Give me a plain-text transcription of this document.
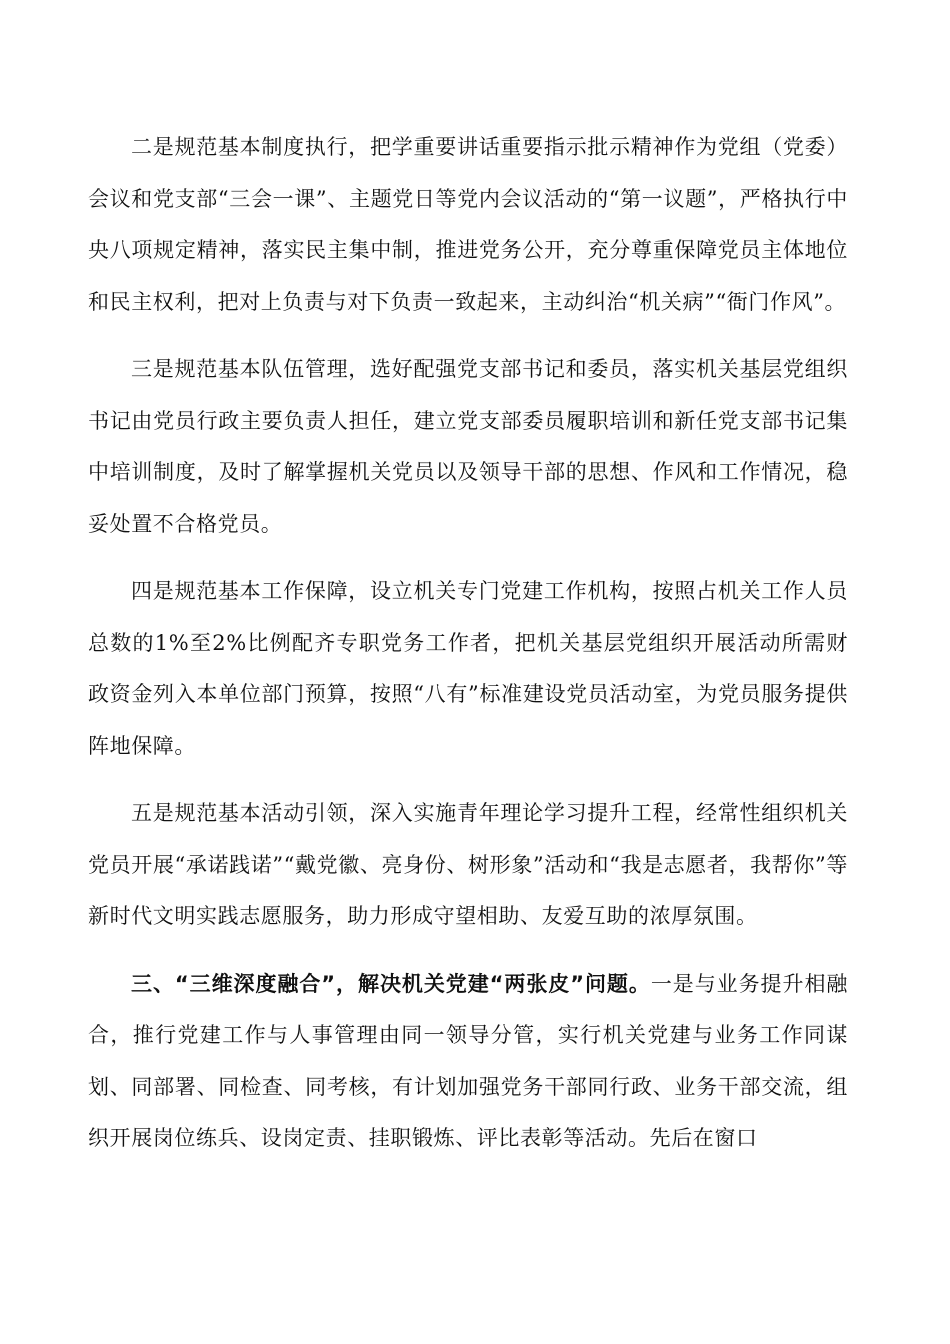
二是规范基本制度执行，把学重要讲话重要指示批示精神作为党组（党委）会议和党支部“三会一课”、主题党日等党内会议活动的“第一议题”，严格执行中央八项规定精神，落实民主集中制，推进党务公开，充分尊重保障党员主体地位和民主权利，把对上负责与对下负责一致起来，主动纠治“机关病”“衙门作风”。

三是规范基本队伍管理，选好配强党支部书记和委员，落实机关基层党组织书记由党员行政主要负责人担任，建立党支部委员履职培训和新任党支部书记集中培训制度，及时了解掌握机关党员以及领导干部的思想、作风和工作情况，稳妥处置不合格党员。

四是规范基本工作保障，设立机关专门党建工作机构，按照占机关工作人员总数的1%至2%比例配齐专职党务工作者，把机关基层党组织开展活动所需财政资金列入本单位部门预算，按照“八有”标准建设党员活动室，为党员服务提供阵地保障。

五是规范基本活动引领，深入实施青年理论学习提升工程，经常性组织机关党员开展“承诺践诺”“戴党徽、亮身份、树形象”活动和“我是志愿者，我帮你”等新时代文明实践志愿服务，助力形成守望相助、友爱互助的浓厚氛围。

三、“三维深度融合”，解决机关党建“两张皮”问题。一是与业务提升相融合，推行党建工作与人事管理由同一领导分管，实行机关党建与业务工作同谋划、同部署、同检查、同考核，有计划加强党务干部同行政、业务干部交流，组织开展岗位练兵、设岗定责、挂职锻炼、评比表彰等活动。先后在窗口
